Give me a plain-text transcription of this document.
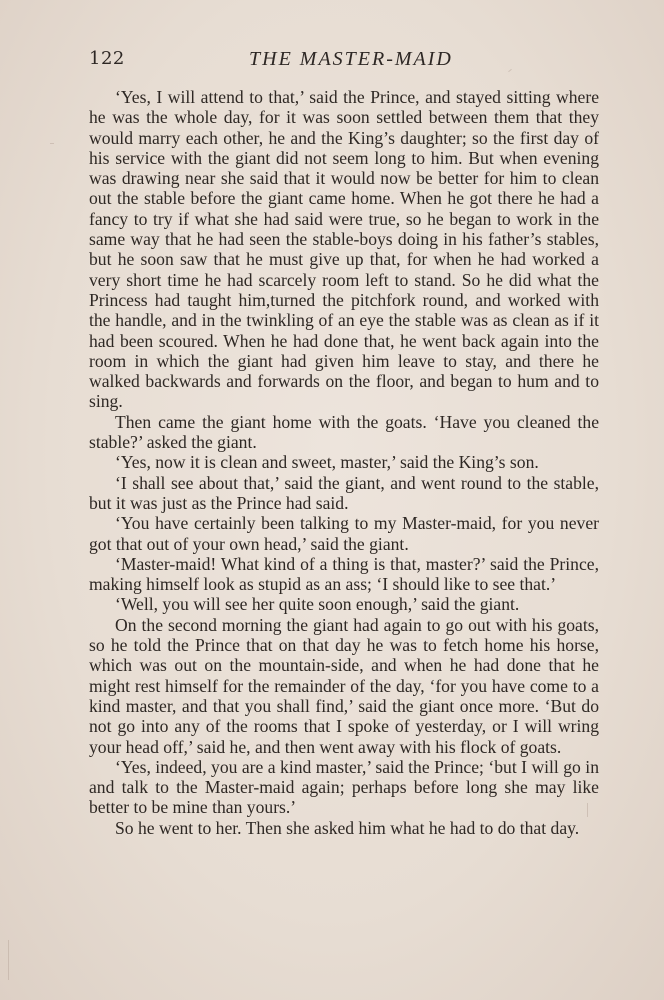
122	THE MASTER-MAID

‘Yes, I will attend to that,’ said the Prince, and stayed sitting where he was the whole day, for it was soon settled between them that they would marry each other, he and the King’s daughter; so the first day of his service with the giant did not seem long to him. But when evening was drawing near she said that it would now be better for him to clean out the stable before the giant came home. When he got there he had a fancy to try if what she had said were true, so he began to work in the same way that he had seen the stable-boys doing in his father’s stables, but he soon saw that he must give up that, for when he had worked a very short time he had scarcely room left to stand. So he did what the Princess had taught him,turned the pitchfork round, and worked with the handle, and in the twinkling of an eye the stable was as clean as if it had been scoured. When he had done that, he went back again into the room in which the giant had given him leave to stay, and there he walked backwards and forwards on the floor, and began to hum and to sing.

Then came the giant home with the goats. ‘Have you cleaned the stable?’ asked the giant.

‘Yes, now it is clean and sweet, master,’ said the King’s son.

‘I shall see about that,’ said the giant, and went round to the stable, but it was just as the Prince had said.

‘You have certainly been talking to my Master-maid, for you never got that out of your own head,’ said the giant.

‘Master-maid! What kind of a thing is that, master?’ said the Prince, making himself look as stupid as an ass; ‘I should like to see that.’

‘Well, you will see her quite soon enough,’ said the giant.

On the second morning the giant had again to go out with his goats, so he told the Prince that on that day he was to fetch home his horse, which was out on the mountain-side, and when he had done that he might rest himself for the remainder of the day, ‘for you have come to a kind master, and that you shall find,’ said the giant once more. ‘But do not go into any of the rooms that I spoke of yesterday, or I will wring your head off,’ said he, and then went away with his flock of goats.

‘Yes, indeed, you are a kind master,’ said the Prince; ‘but I will go in and talk to the Master-maid again; perhaps before long she may like better to be mine than yours.’

So he went to her. Then she asked him what he had to do that day.
